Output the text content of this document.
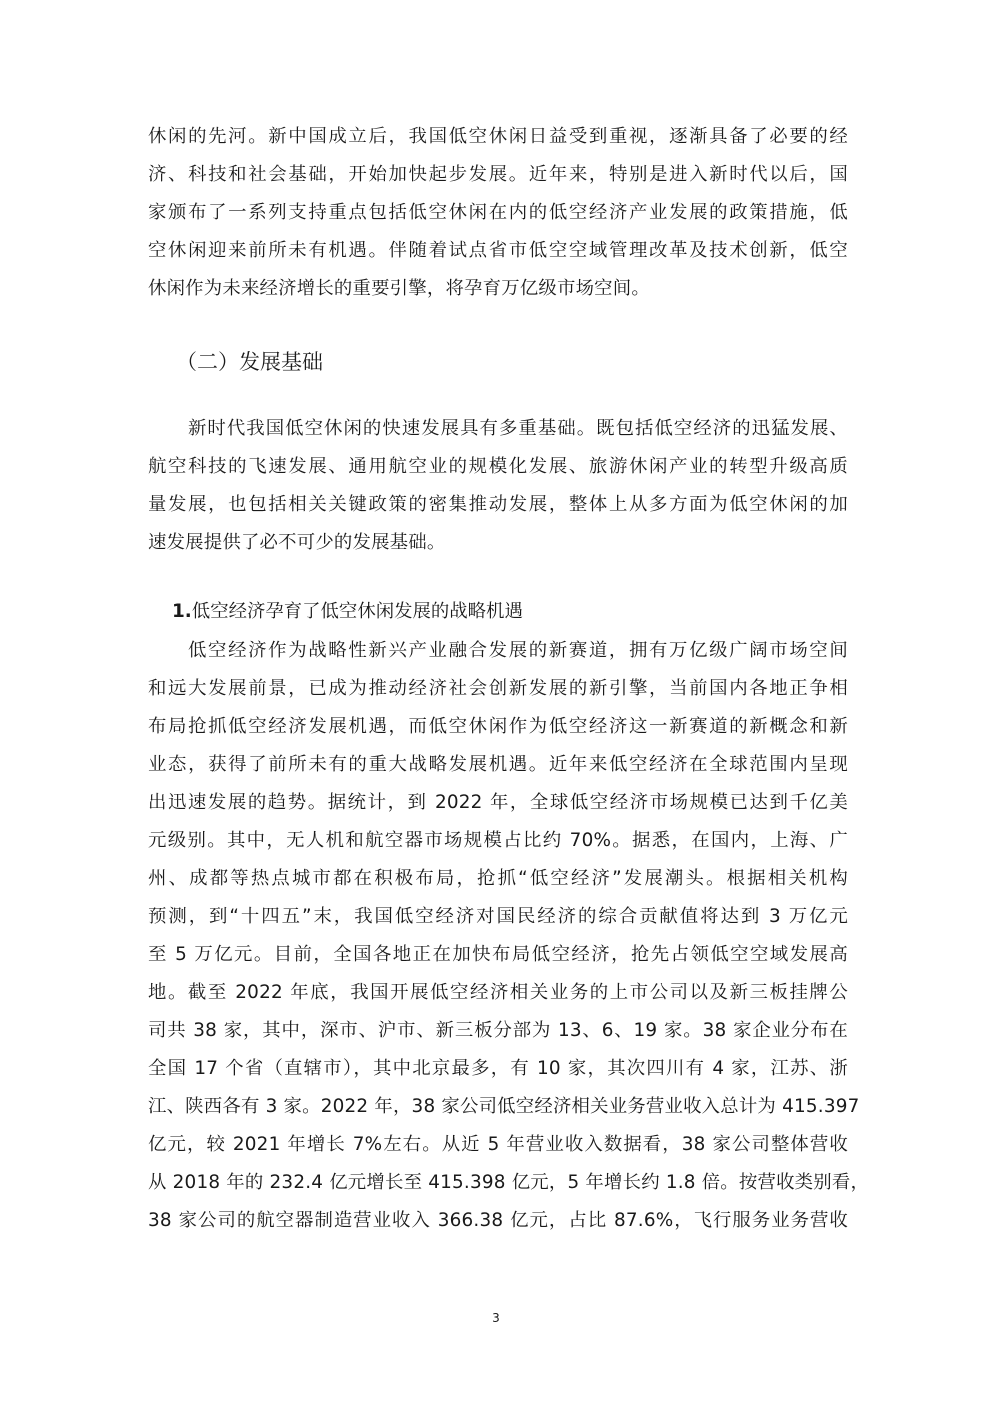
休闲的先河。新中国成立后，我国低空休闲日益受到重视，逐渐具备了必要的经
济、科技和社会基础，开始加快起步发展。近年来，特别是进入新时代以后，国
家颁布了一系列支持重点包括低空休闲在内的低空经济产业发展的政策措施，低
空休闲迎来前所未有机遇。伴随着试点省市低空空域管理改革及技术创新，低空
休闲作为未来经济增长的重要引擎，将孕育万亿级市场空间。
（二）发展基础
新时代我国低空休闲的快速发展具有多重基础。既包括低空经济的迅猛发展、
航空科技的飞速发展、通用航空业的规模化发展、旅游休闲产业的转型升级高质
量发展，也包括相关关键政策的密集推动发展，整体上从多方面为低空休闲的加
速发展提供了必不可少的发展基础。
1.低空经济孕育了低空休闲发展的战略机遇
低空经济作为战略性新兴产业融合发展的新赛道，拥有万亿级广阔市场空间
和远大发展前景，已成为推动经济社会创新发展的新引擎，当前国内各地正争相
布局抢抓低空经济发展机遇，而低空休闲作为低空经济这一新赛道的新概念和新
业态，获得了前所未有的重大战略发展机遇。近年来低空经济在全球范围内呈现
出迅速发展的趋势。据统计，到 2022 年，全球低空经济市场规模已达到千亿美
元级别。其中，无人机和航空器市场规模占比约 70%。据悉，在国内，上海、广
州、成都等热点城市都在积极布局，抢抓“低空经济”发展潮头。根据相关机构
预测，到“十四五”末，我国低空经济对国民经济的综合贡献值将达到 3 万亿元
至 5 万亿元。目前，全国各地正在加快布局低空经济，抢先占领低空空域发展高
地。截至 2022 年底，我国开展低空经济相关业务的上市公司以及新三板挂牌公
司共 38 家，其中，深市、沪市、新三板分部为 13、6、19 家。38 家企业分布在
全国 17 个省（直辖市），其中北京最多，有 10 家，其次四川有 4 家，江苏、浙
江、陕西各有 3 家。2022 年，38 家公司低空经济相关业务营业收入总计为 415.397
亿元，较 2021 年增长 7%左右。从近 5 年营业收入数据看，38 家公司整体营收
从 2018 年的 232.4 亿元增长至 415.398 亿元，5 年增长约 1.8 倍。按营收类别看，
38 家公司的航空器制造营业收入 366.38 亿元，占比 87.6%，飞行服务业务营收
3
